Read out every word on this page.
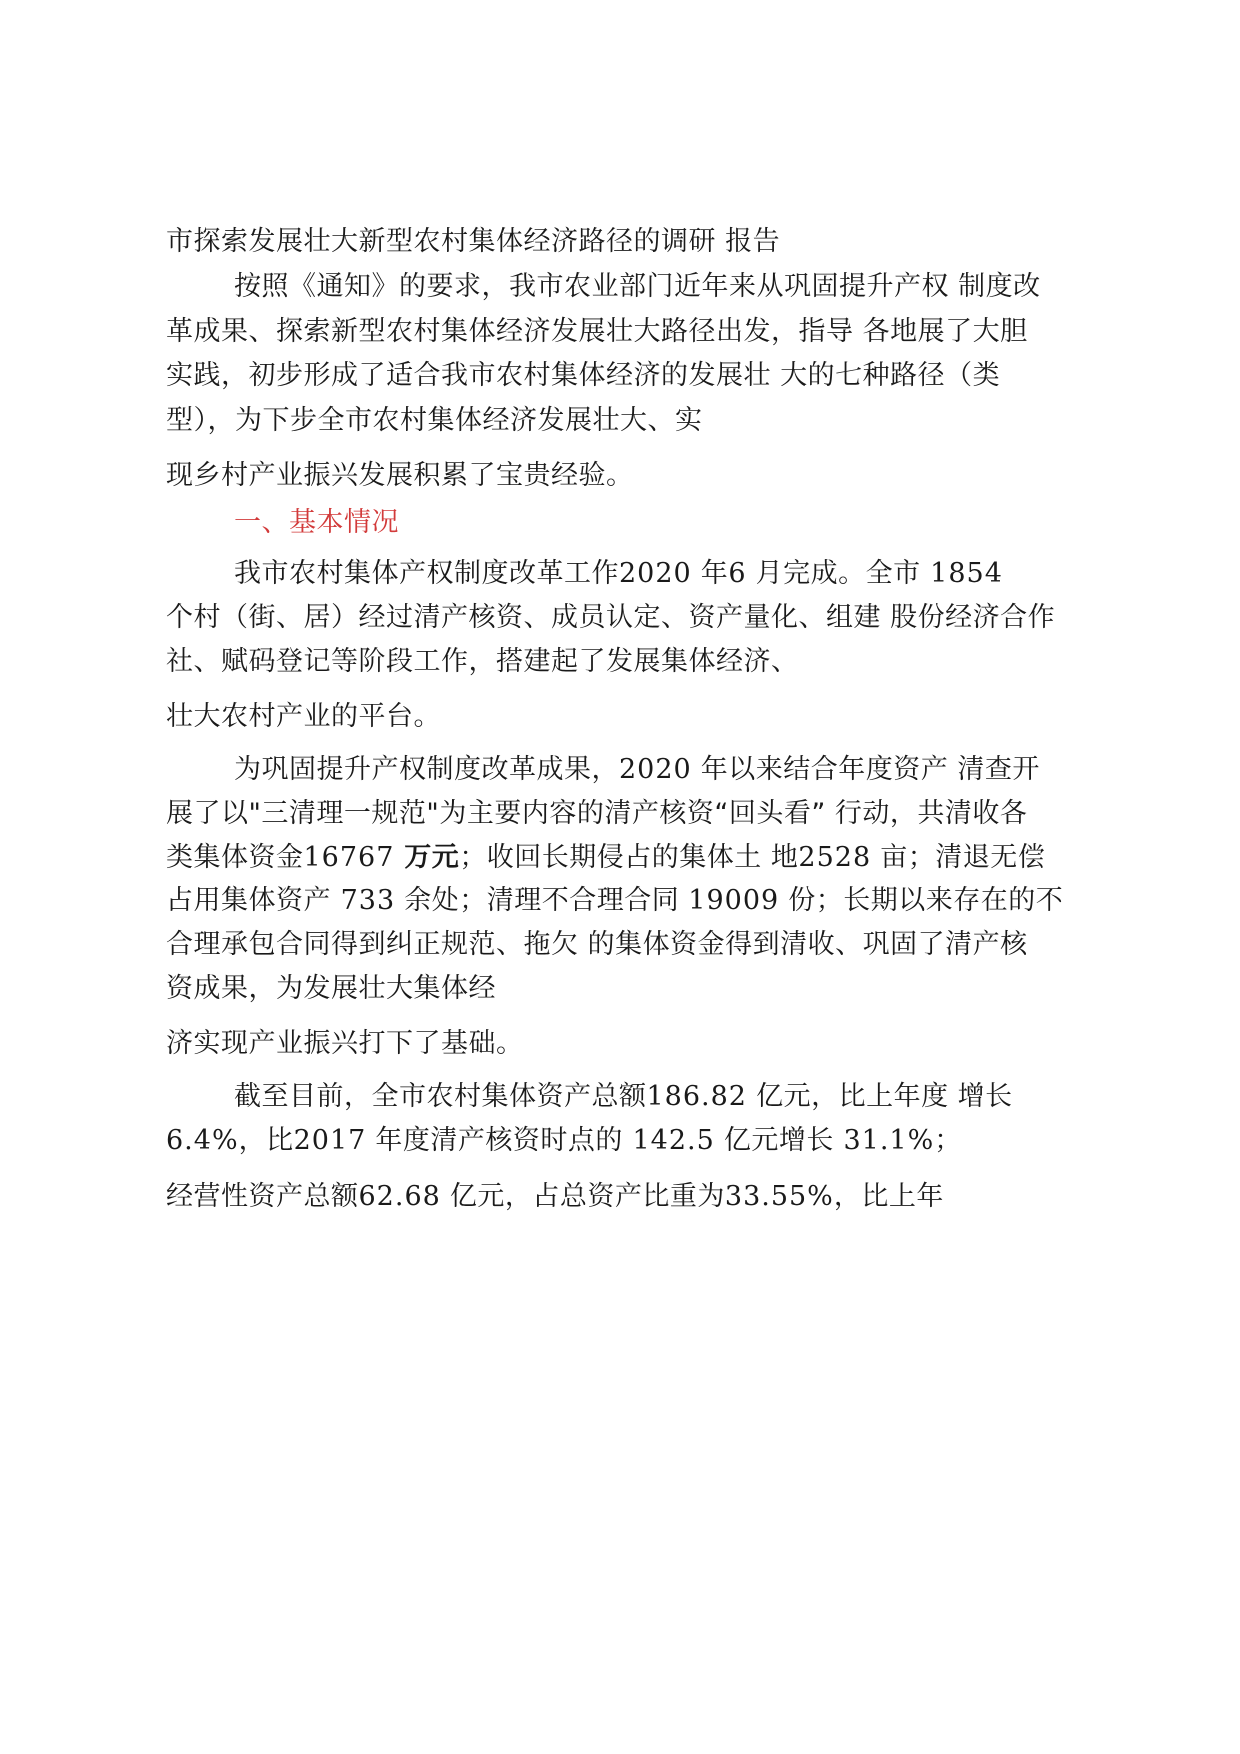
市探索发展壮大新型农村集体经济路径的调研 报告
按照《通知》的要求，我市农业部门近年来从巩固提升产权 制度改
革成果、探索新型农村集体经济发展壮大路径出发，指导 各地展了大胆
实践，初步形成了适合我市农村集体经济的发展壮 大的七种路径（类
型），为下步全市农村集体经济发展壮大、实
现乡村产业振兴发展积累了宝贵经验。
一、基本情况
我市农村集体产权制度改革工作2020 年6 月完成。全市 1854
个村（街、居）经过清产核资、成员认定、资产量化、组建 股份经济合作
社、赋码登记等阶段工作，搭建起了发展集体经济、
壮大农村产业的平台。
为巩固提升产权制度改革成果，2020 年以来结合年度资产 清查开
展了以"三清理一规范"为主要内容的清产核资“回头看” 行动，共清收各
类集体资金16767 万元；收回长期侵占的集体土 地2528 亩；清退无偿
占用集体资产 733 余处；清理不合理合同 19009 份；长期以来存在的不
合理承包合同得到纠正规范、拖欠 的集体资金得到清收、巩固了清产核
资成果，为发展壮大集体经
济实现产业振兴打下了基础。
截至目前，全市农村集体资产总额186.82 亿元，比上年度 增长
6.4%，比2017 年度清产核资时点的 142.5 亿元增长 31.1%；
经营性资产总额62.68 亿元，占总资产比重为33.55%，比上年
